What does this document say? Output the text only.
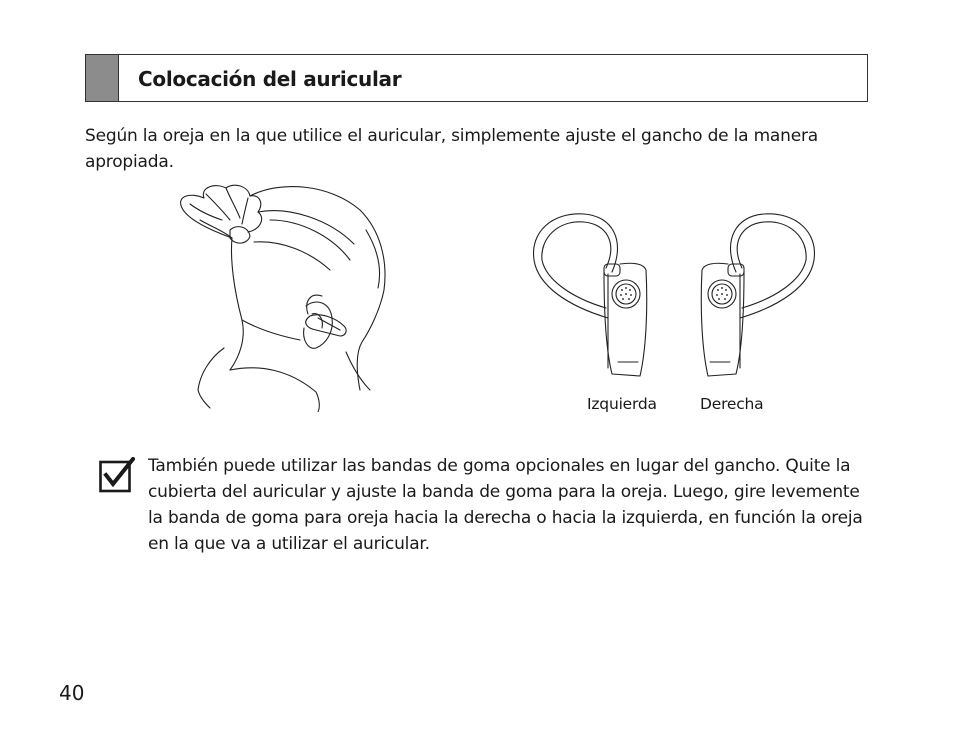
Colocación del auricular
Según la oreja en la que utilice el auricular, simplemente ajuste el gancho de la manera apropiada.
Izquierda	Derecha
También puede utilizar las bandas de goma opcionales en lugar del gancho. Quite la cubierta del auricular y ajuste la banda de goma para la oreja. Luego, gire levemente la banda de goma para oreja hacia la derecha o hacia la izquierda, en función la oreja en la que va a utilizar el auricular.
40
